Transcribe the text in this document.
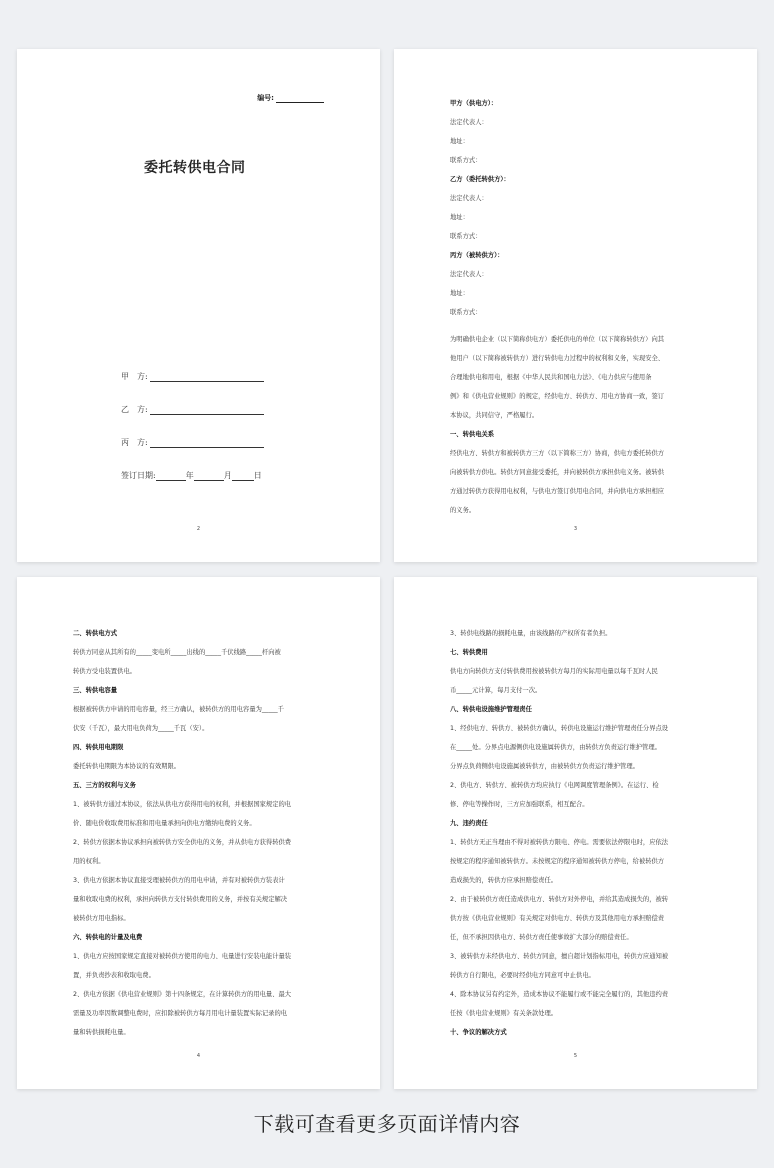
编号:
委托转供电合同
甲　方:
乙　方:
丙　方:
签订日期:	年	月	日
2
甲方（供电方）：
法定代表人：
地址：
联系方式：
乙方（委托转供方）：
法定代表人：
地址：
联系方式：
丙方（被转供方）：
法定代表人：
地址：
联系方式：
为明确供电企业（以下简称供电方）委托供电的单位（以下简称转供方）向其
他用户（以下简称被转供方）进行转供电力过程中的权利和义务，实现安全、
合理地供电和用电，根据《中华人民共和国电力法》、《电力供应与使用条
例》和《供电营业规则》的规定，经供电方、转供方、用电方协商一致，签订
本协议，共同信守，严格履行。
一、转供电关系
经供电方、转供方和被转供方三方（以下简称三方）协商，供电方委托转供方
向被转供方供电。转供方同意接受委托，并向被转供方承担供电义务。被转供
方通过转供方获得用电权利，与供电方签订供用电合同，并向供电方承担相应
的义务。
3
二、转供电方式
转供方同意从其所有的_____变电所_____出线的_____千伏线路_____杆向被
转供方受电装置供电。
三、转供电容量
根据被转供方申请的用电容量，经三方确认，被转供方的用电容量为_____千
伏安（千瓦），最大用电负荷为_____千瓦（安）。
四、转供用电期限
委托转供电期限为本协议的有效期限。
五、三方的权利与义务
1、被转供方通过本协议，依法从供电方获得用电的权利，并根据国家规定的电
价、随电价收取费用标准和用电量承担向供电方缴纳电费的义务。
2、转供方依据本协议承担向被转供方安全供电的义务，并从供电方获得转供费
用的权利。
3、供电方依据本协议直接受理被转供方的用电申请，并有对被转供方装表计
量和收取电费的权利，承担向转供方支付转供费用的义务，并按有关规定解决
被转供方用电指标。
六、转供电的计量及电费
1、供电方应按国家规定直接对被转供方使用的电力、电量进行安装电能计量装
置，并负责抄表和收取电费。
2、供电方依据《供电营业规则》第十四条规定，在计算转供方的用电量、最大
需量及功率因数调整电费时，应扣除被转供方每月用电计量装置实际记录的电
量和转供损耗电量。
4
3、转供电线路的损耗电量，由该线路的产权所有者负担。
七、转供费用
供电方向转供方支付转供费用按被转供方每月的实际用电量以每千瓦时人民
币_____元计算，每月支付一次。
八、转供电设施维护管理责任
1、经供电方、转供方、被转供方确认，转供电设施运行维护管理责任分界点设
在_____处。分界点电源侧供电设施属转供方，由转供方负责运行维护管理。
分界点负荷侧供电设施属被转供方，由被转供方负责运行维护管理。
2、供电方、转供方、被转供方均应执行《电网调度管理条例》。在运行、检
修、停电等操作时，三方应加强联系，相互配合。
九、违约责任
1、转供方无正当理由不得对被转供方限电、停电。需要依法停限电时，应依法
按规定的程序通知被转供方。未按规定的程序通知被转供方停电，给被转供方
造成损失的，转供方应承担赔偿责任。
2、由于被转供方责任造成供电方、转供方对外停电，并给其造成损失的，被转
供方按《供电营业规则》有关规定对供电方、转供方及其他用电方承担赔偿责
任，但不承担因供电方、转供方责任使事故扩大部分的赔偿责任。
3、被转供方未经供电方、转供方同意，擅自超计划指标用电，转供方应通知被
转供方自行限电，必要时经供电方同意可中止供电。
4、除本协议另有约定外，造成本协议不能履行或不能完全履行的，其他违约责
任按《供电营业规则》有关条款处理。
十、争议的解决方式
5
下载可查看更多页面详情内容
